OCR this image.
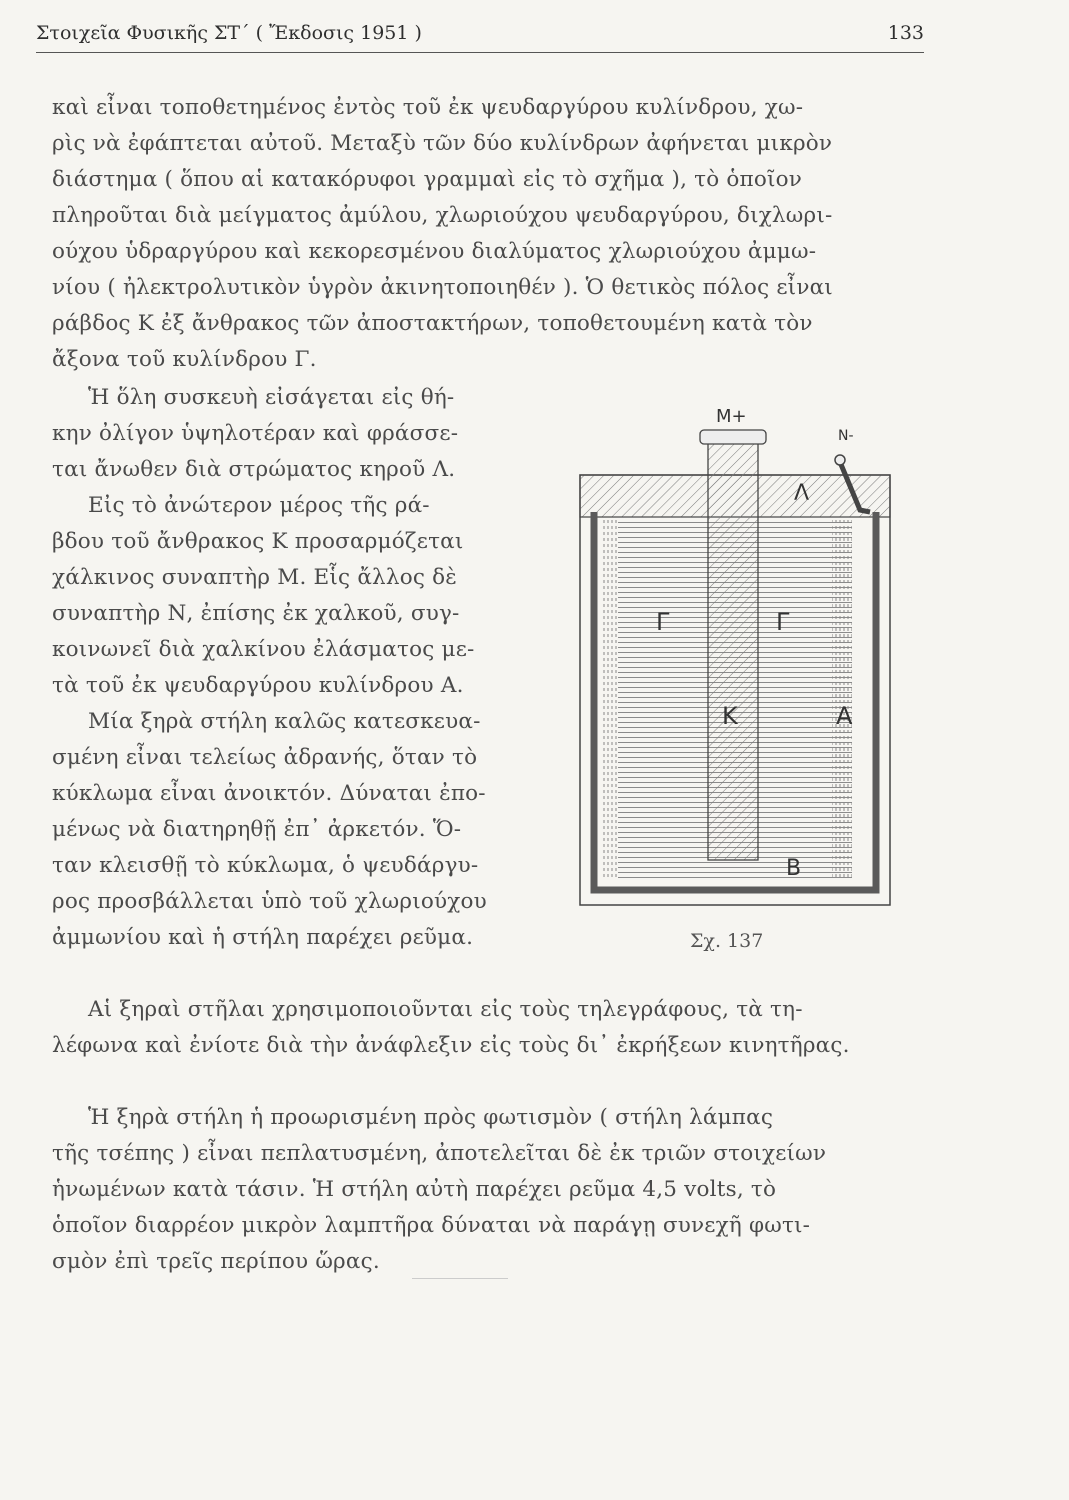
Στοιχεῖα Φυσικῆς ΣΤ΄ ( Ἔκδοσις 1951 )	133
καὶ εἶναι τοποθετημένος ἐντὸς τοῦ ἐκ ψευδαργύρου κυλίνδρου, χω-
ρὶς νὰ ἐφάπτεται αὐτοῦ. Μεταξὺ τῶν δύο κυλίνδρων ἀφήνεται μικρὸν
διάστημα ( ὅπου αἱ κατακόρυφοι γραμμαὶ εἰς τὸ σχῆμα ), τὸ ὁποῖον
πληροῦται διὰ μείγματος ἀμύλου, χλωριούχου ψευδαργύρου, διχλωρι-
ούχου ὑδραργύρου καὶ κεκορεσμένου διαλύματος χλωριούχου ἀμμω-
νίου ( ἠλεκτρολυτικὸν ὑγρὸν ἀκινητοποιηθέν ). Ὁ θετικὸς πόλος εἶναι
ράβδος Κ ἐξ ἄνθρακος τῶν ἀποστακτήρων, τοποθετουμένη κατὰ τὸν
ἄξονα τοῦ κυλίνδρου Γ.
Ἡ ὅλη συσκευὴ εἰσάγεται εἰς θή-
κην ὀλίγον ὑψηλοτέραν καὶ φράσσε-
ται ἄνωθεν διὰ στρώματος κηροῦ Λ.
Εἰς τὸ ἀνώτερον μέρος τῆς ρά-
βδου τοῦ ἄνθρακος Κ προσαρμόζεται
χάλκινος συναπτὴρ Μ. Εἷς ἄλλος δὲ
συναπτὴρ Ν, ἐπίσης ἐκ χαλκοῦ, συγ-
κοινωνεῖ διὰ χαλκίνου ἐλάσματος με-
τὰ τοῦ ἐκ ψευδαργύρου κυλίνδρου Α.
Μία ξηρὰ στήλη καλῶς κατεσκευα-
σμένη εἶναι τελείως ἀδρανής, ὅταν τὸ
κύκλωμα εἶναι ἀνοικτόν. Δύναται ἐπο-
μένως νὰ διατηρηθῇ ἐπ᾽ ἀρκετόν. Ὅ-
ταν κλεισθῇ τὸ κύκλωμα, ὁ ψευδάργυ-
ρος προσβάλλεται ὑπὸ τοῦ χλωριούχου
ἀμμωνίου καὶ ἡ στήλη παρέχει ρεῦμα.
M+
N-
Λ
Γ	Γ
K	A
B
Σχ. 137
Αἱ ξηραὶ στῆλαι χρησιμοποιοῦνται εἰς τοὺς τηλεγράφους, τὰ τη-
λέφωνα καὶ ἐνίοτε διὰ τὴν ἀνάφλεξιν εἰς τοὺς δι᾽ ἐκρήξεων κινητῆρας.
Ἡ ξηρὰ στήλη ἡ προωρισμένη πρὸς φωτισμὸν ( στήλη λάμπας
τῆς τσέπης ) εἶναι πεπλατυσμένη, ἀποτελεῖται δὲ ἐκ τριῶν στοιχείων
ἡνωμένων κατὰ τάσιν. Ἡ στήλη αὐτὴ παρέχει ρεῦμα 4,5 volts, τὸ
ὁποῖον διαρρέον μικρὸν λαμπτῆρα δύναται νὰ παράγῃ συνεχῆ φωτι-
σμὸν ἐπὶ τρεῖς περίπου ὥρας.
